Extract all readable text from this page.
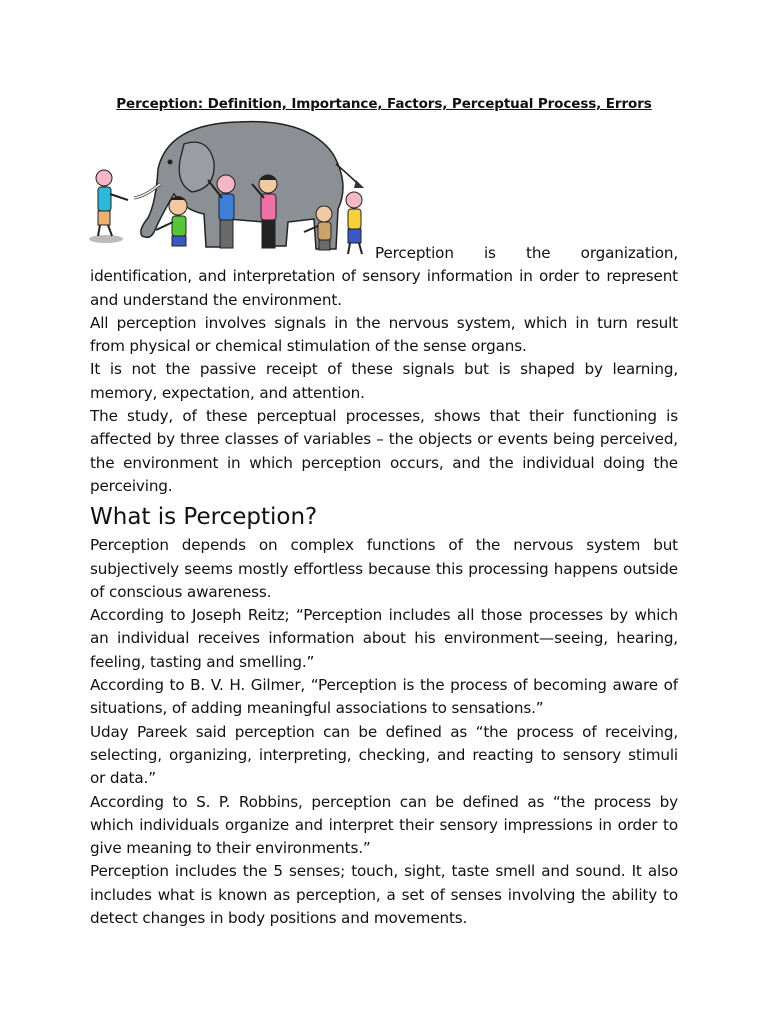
Perception: Definition, Importance, Factors, Perceptual Process, Errors

Perception is the organization, identification, and interpretation of sensory information in order to represent and understand the environment.

All perception involves signals in the nervous system, which in turn result from physical or chemical stimulation of the sense organs.

It is not the passive receipt of these signals but is shaped by learning, memory, expectation, and attention.

The study, of these perceptual processes, shows that their functioning is affected by three classes of variables – the objects or events being perceived, the environment in which perception occurs, and the individual doing the perceiving.

What is Perception?

Perception depends on complex functions of the nervous system but subjectively seems mostly effortless because this processing happens outside of conscious awareness.

According to Joseph Reitz; “Perception includes all those processes by which an individual receives information about his environment—seeing, hearing, feeling, tasting and smelling.”

According to B. V. H. Gilmer, “Perception is the process of becoming aware of situations, of adding meaningful associations to sensations.”

Uday Pareek said perception can be defined as “the process of receiving, selecting, organizing, interpreting, checking, and reacting to sensory stimuli or data.”

According to S. P. Robbins, perception can be defined as “the process by which individuals organize and interpret their sensory impressions in order to give meaning to their environments.”

Perception includes the 5 senses; touch, sight, taste smell and sound. It also includes what is known as perception, a set of senses involving the ability to detect changes in body positions and movements.
